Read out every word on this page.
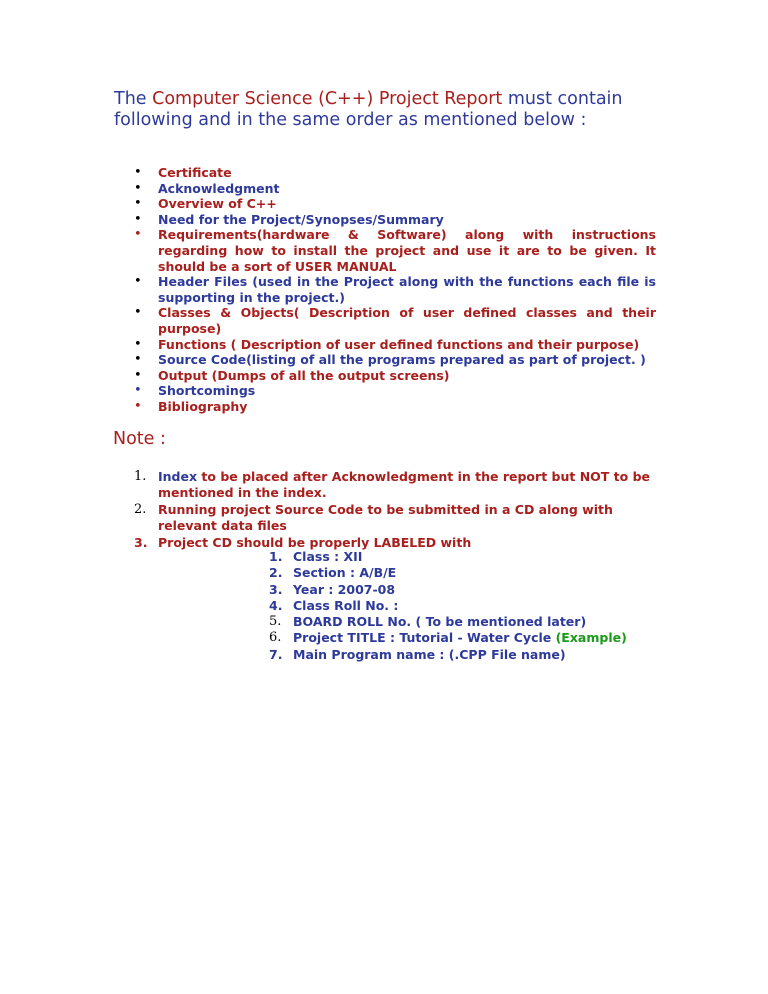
The Computer Science (C++) Project Report must contain following and in the same order as mentioned below :
• Certificate
• Acknowledgment
• Overview of C++
• Need for the Project/Synopses/Summary
• Requirements(hardware & Software) along with instructions regarding how to install the project and use it are to be given. It should be a sort of USER MANUAL
• Header Files (used in the Project along with the functions each file is supporting in the project.)
• Classes & Objects( Description of user defined classes and their purpose)
• Functions ( Description of user defined functions and their purpose)
• Source Code(listing of all the programs prepared as part of project. )
• Output (Dumps of all the output screens)
• Shortcomings
• Bibliography
Note :
1. Index to be placed after Acknowledgment in the report but NOT to be mentioned in the index.
2. Running project Source Code to be submitted in a CD along with relevant data files
3. Project CD should be properly LABELED with
1. Class : XII
2. Section : A/B/E
3. Year : 2007-08
4. Class Roll No. :
5. BOARD ROLL No. ( To be mentioned later)
6. Project TITLE : Tutorial - Water Cycle (Example)
7. Main Program name : (.CPP File name)
